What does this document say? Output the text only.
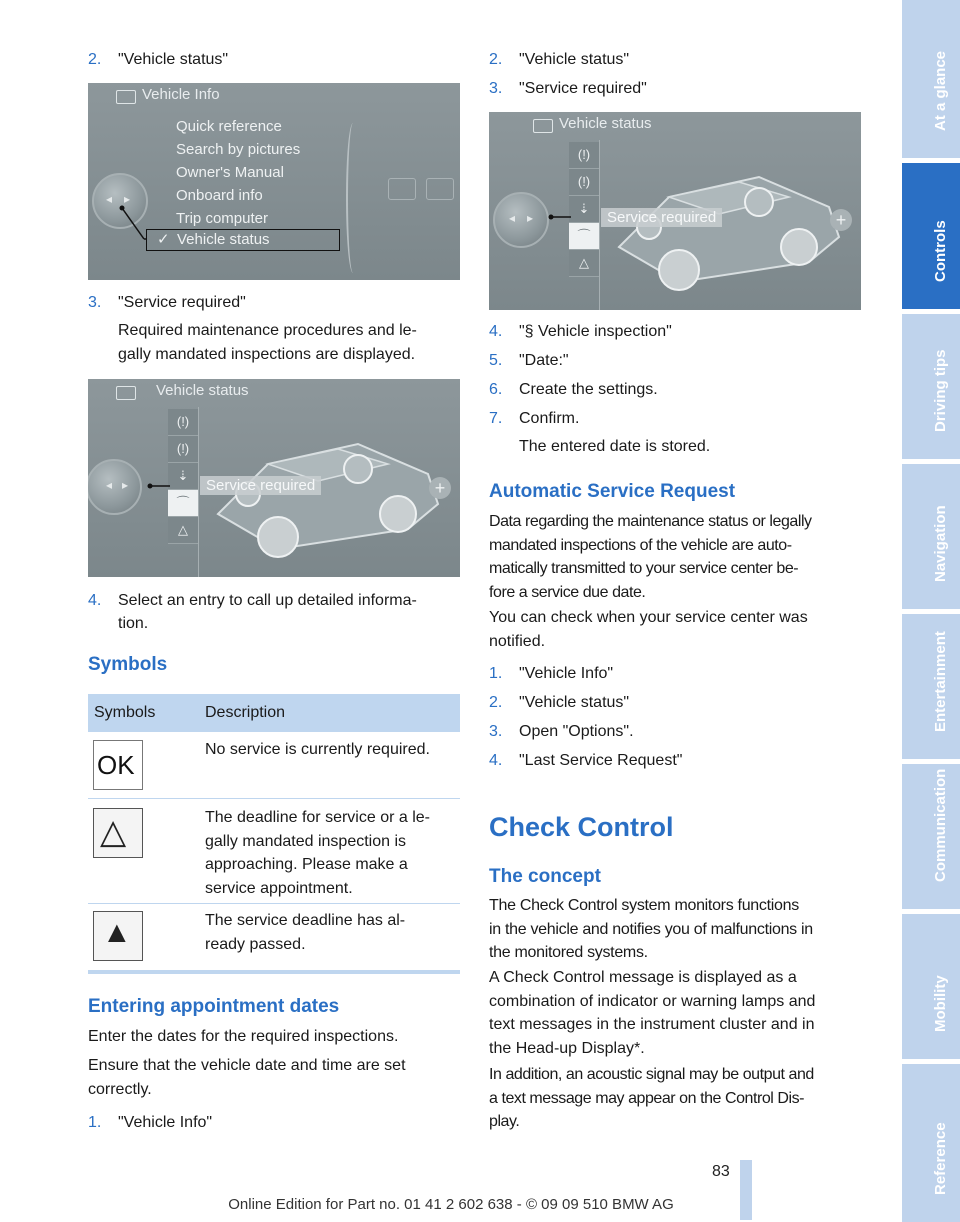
2. "Vehicle status"
Vehicle Info
◂ ▸
Quick reference
Search by pictures
Owner's Manual
Onboard info
Trip computer
✓ Vehicle status
3. "Service required"
Required maintenance procedures and le-
gally mandated inspections are displayed.
Vehicle status
◂ ▸
(!)
(!)
⇣
⌒
△
Service required	+
4. Select an entry to call up detailed informa-
tion.
Symbols
Symbols	Description
OK
No service is currently required.
△	The deadline for service or a le-
gally mandated inspection is
approaching. Please make a
service appointment.
▲	The service deadline has al-
ready passed.
Entering appointment dates
Enter the dates for the required inspections.
Ensure that the vehicle date and time are set
correctly.
1. "Vehicle Info"
2. "Vehicle status"
3. "Service required"
Vehicle status
◂ ▸
(!)
(!)
⇣
⌒
△
Service required	+
4. "§ Vehicle inspection"
5. "Date:"
6. Create the settings.
7. Confirm.
The entered date is stored.
Automatic Service Request
Data regarding the maintenance status or legally
mandated inspections of the vehicle are auto-
matically transmitted to your service center be-
fore a service due date.
You can check when your service center was
notified.
1. "Vehicle Info"
2. "Vehicle status"
3. Open "Options".
4. "Last Service Request"
Check Control
The concept
The Check Control system monitors functions
in the vehicle and notifies you of malfunctions in
the monitored systems.
A Check Control message is displayed as a
combination of indicator or warning lamps and
text messages in the instrument cluster and in
the Head-up Display*.
In addition, an acoustic signal may be output and
a text message may appear on the Control Dis-
play.
At a glance
Controls
Driving tips
Navigation
Entertainment
Communication
Mobility
Reference
83
Online Edition for Part no. 01 41 2 602 638 - © 09 09 510 BMW AG
